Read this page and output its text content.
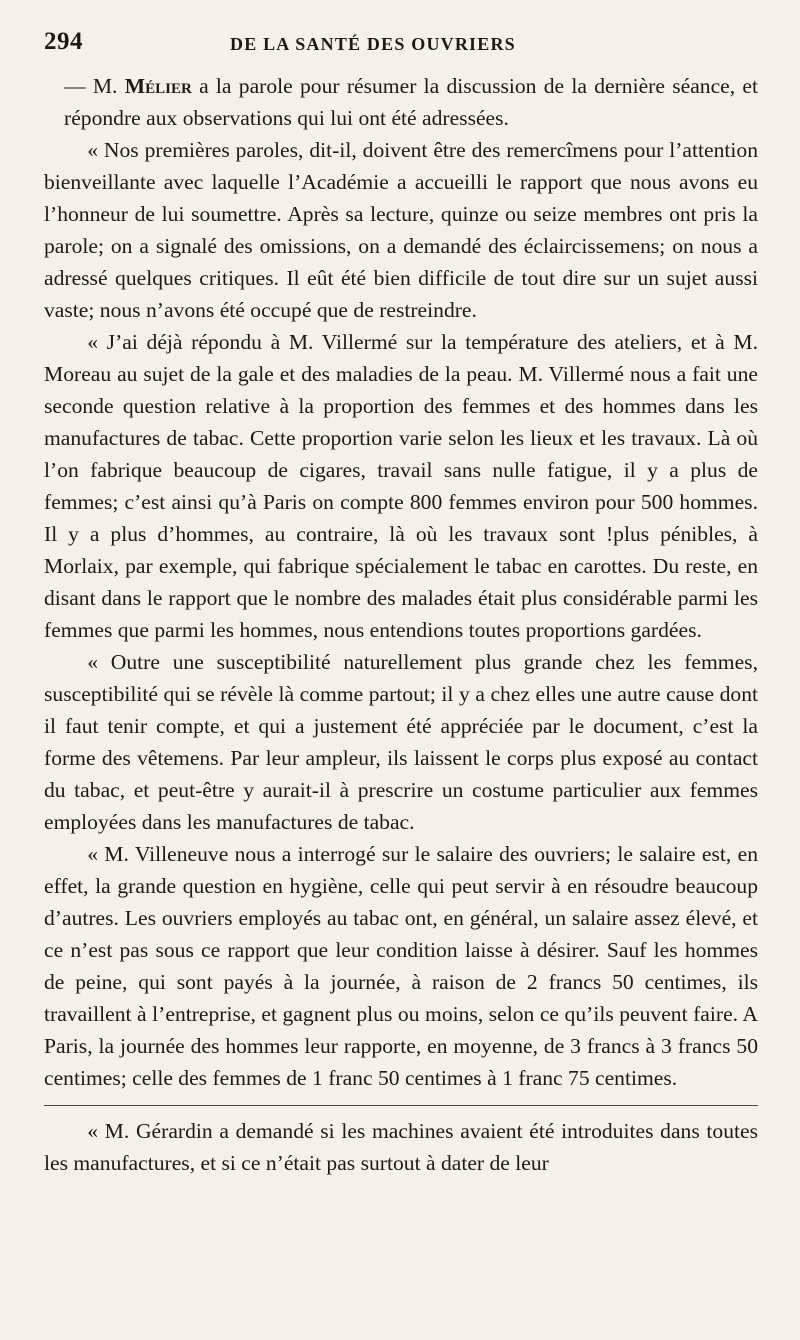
294	DE LA SANTÉ DES OUVRIERS

— M. Mélier a la parole pour résumer la discussion de la dernière séance, et répondre aux observations qui lui ont été adressées.

« Nos premières paroles, dit-il, doivent être des remercîmens pour l’attention bienveillante avec laquelle l’Académie a accueilli le rapport que nous avons eu l’honneur de lui soumettre. Après sa lecture, quinze ou seize membres ont pris la parole; on a signalé des omissions, on a demandé des éclaircissemens; on nous a adressé quelques critiques. Il eût été bien difficile de tout dire sur un sujet aussi vaste; nous n’avons été occupé que de restreindre.

« J’ai déjà répondu à M. Villermé sur la température des ateliers, et à M. Moreau au sujet de la gale et des maladies de la peau. M. Villermé nous a fait une seconde question relative à la proportion des femmes et des hommes dans les manufactures de tabac. Cette proportion varie selon les lieux et les travaux. Là où l’on fabrique beaucoup de cigares, travail sans nulle fatigue, il y a plus de femmes; c’est ainsi qu’à Paris on compte 800 femmes environ pour 500 hommes. Il y a plus d’hommes, au contraire, là où les travaux sont !plus pénibles, à Morlaix, par exemple, qui fabrique spécialement le tabac en carottes. Du reste, en disant dans le rapport que le nombre des malades était plus considérable parmi les femmes que parmi les hommes, nous entendions toutes proportions gardées.

« Outre une susceptibilité naturellement plus grande chez les femmes, susceptibilité qui se révèle là comme partout; il y a chez elles une autre cause dont il faut tenir compte, et qui a justement été appréciée par le document, c’est la forme des vêtemens. Par leur ampleur, ils laissent le corps plus exposé au contact du tabac, et peut-être y aurait-il à prescrire un costume particulier aux femmes employées dans les manufactures de tabac.

« M. Villeneuve nous a interrogé sur le salaire des ouvriers; le salaire est, en effet, la grande question en hygiène, celle qui peut servir à en résoudre beaucoup d’autres. Les ouvriers employés au tabac ont, en général, un salaire assez élevé, et ce n’est pas sous ce rapport que leur condition laisse à désirer. Sauf les hommes de peine, qui sont payés à la journée, à raison de 2 francs 50 centimes, ils travaillent à l’entreprise, et gagnent plus ou moins, selon ce qu’ils peuvent faire. A Paris, la journée des hommes leur rapporte, en moyenne, de 3 francs à 3 francs 50 centimes; celle des femmes de 1 franc 50 centimes à 1 franc 75 centimes.

« M. Gérardin a demandé si les machines avaient été introduites dans toutes les manufactures, et si ce n’était pas surtout à dater de leur
